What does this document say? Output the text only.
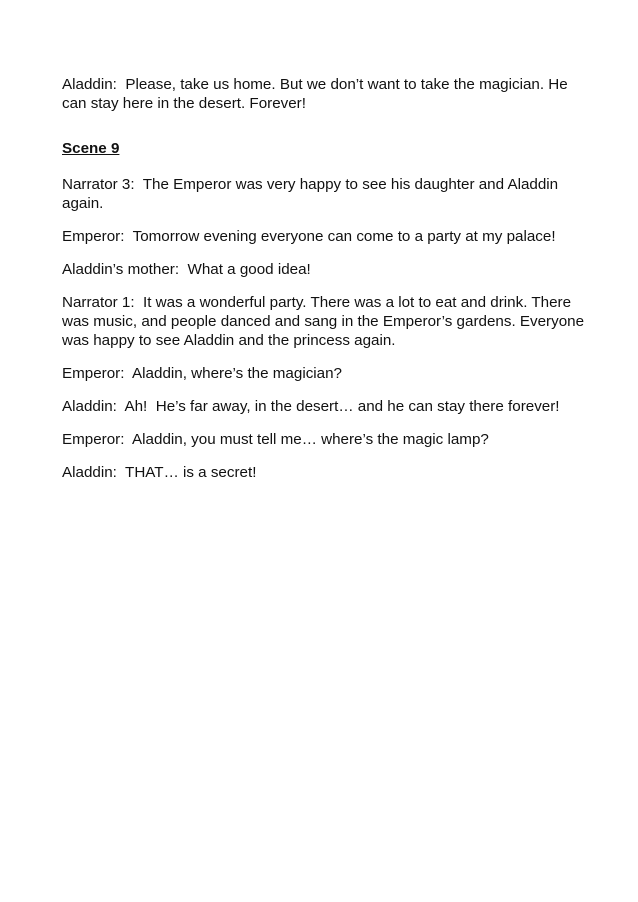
Aladdin:  Please, take us home. But we don’t want to take the magician. He can stay here in the desert. Forever!

Scene 9

Narrator 3:  The Emperor was very happy to see his daughter and Aladdin again.

Emperor:  Tomorrow evening everyone can come to a party at my palace!

Aladdin’s mother:  What a good idea!

Narrator 1:  It was a wonderful party. There was a lot to eat and drink. There was music, and people danced and sang in the Emperor’s gardens. Everyone was happy to see Aladdin and the princess again.

Emperor:  Aladdin, where’s the magician?

Aladdin:  Ah!  He’s far away, in the desert… and he can stay there forever!

Emperor:  Aladdin, you must tell me… where’s the magic lamp?

Aladdin:  THAT… is a secret!
